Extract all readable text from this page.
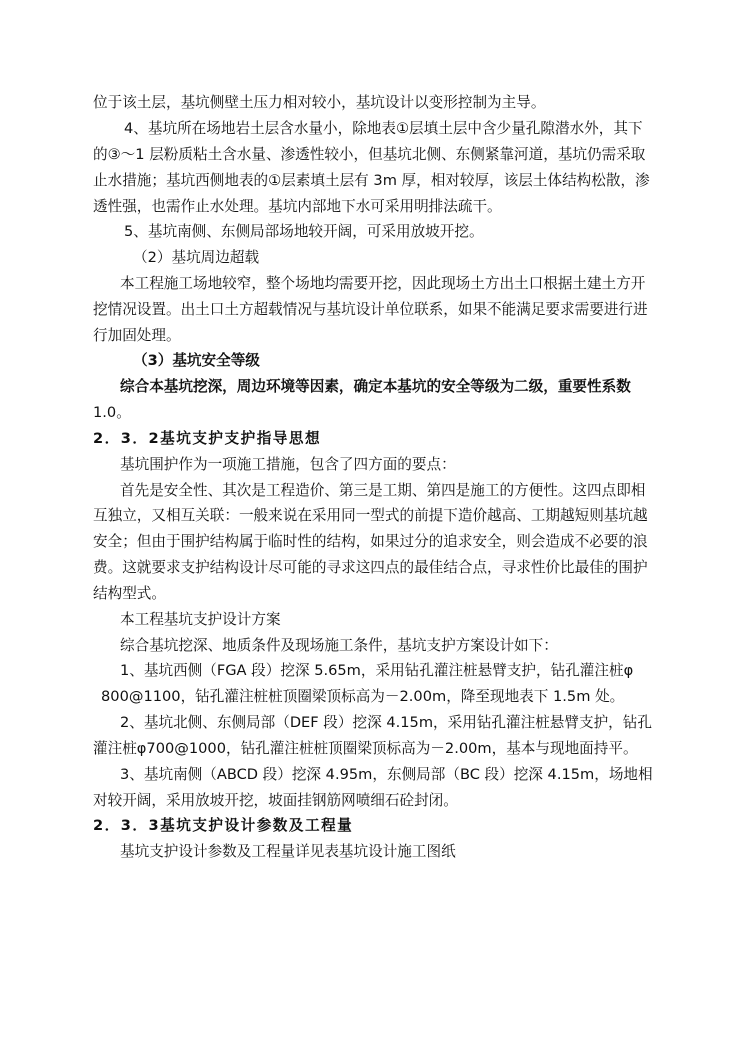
位于该土层，基坑侧壁土压力相对较小，基坑设计以变形控制为主导。
4、基坑所在场地岩土层含水量小，除地表①层填土层中含少量孔隙潜水外，其下
的③～1 层粉质粘土含水量、渗透性较小，但基坑北侧、东侧紧靠河道，基坑仍需采取
止水措施；基坑西侧地表的①层素填土层有 3m 厚，相对较厚，该层土体结构松散，渗
透性强，也需作止水处理。基坑内部地下水可采用明排法疏干。
5、基坑南侧、东侧局部场地较开阔，可采用放坡开挖。
（2）基坑周边超载
本工程施工场地较窄，整个场地均需要开挖，因此现场土方出土口根据土建土方开
挖情况设置。出土口土方超载情况与基坑设计单位联系，如果不能满足要求需要进行进
行加固处理。
（3）基坑安全等级
综合本基坑挖深，周边环境等因素，确定本基坑的安全等级为二级，重要性系数
1.0。
2．3．2基坑支护支护指导思想
基坑围护作为一项施工措施，包含了四方面的要点：
首先是安全性、其次是工程造价、第三是工期、第四是施工的方便性。这四点即相
互独立，又相互关联：一般来说在采用同一型式的前提下造价越高、工期越短则基坑越
安全；但由于围护结构属于临时性的结构，如果过分的追求安全，则会造成不必要的浪
费。这就要求支护结构设计尽可能的寻求这四点的最佳结合点，寻求性价比最佳的围护
结构型式。
本工程基坑支护设计方案
综合基坑挖深、地质条件及现场施工条件，基坑支护方案设计如下：
1、基坑西侧（FGA 段）挖深 5.65m，采用钻孔灌注桩悬臂支护，钻孔灌注桩φ
800@1100，钻孔灌注桩桩顶圈梁顶标高为－2.00m，降至现地表下 1.5m 处。
2、基坑北侧、东侧局部（DEF 段）挖深 4.15m，采用钻孔灌注桩悬臂支护，钻孔
灌注桩φ700@1000，钻孔灌注桩桩顶圈梁顶标高为－2.00m，基本与现地面持平。
3、基坑南侧（ABCD 段）挖深 4.95m，东侧局部（BC 段）挖深 4.15m，场地相
对较开阔，采用放坡开挖，坡面挂钢筋网喷细石砼封闭。
2．3．3基坑支护设计参数及工程量
基坑支护设计参数及工程量详见表基坑设计施工图纸
